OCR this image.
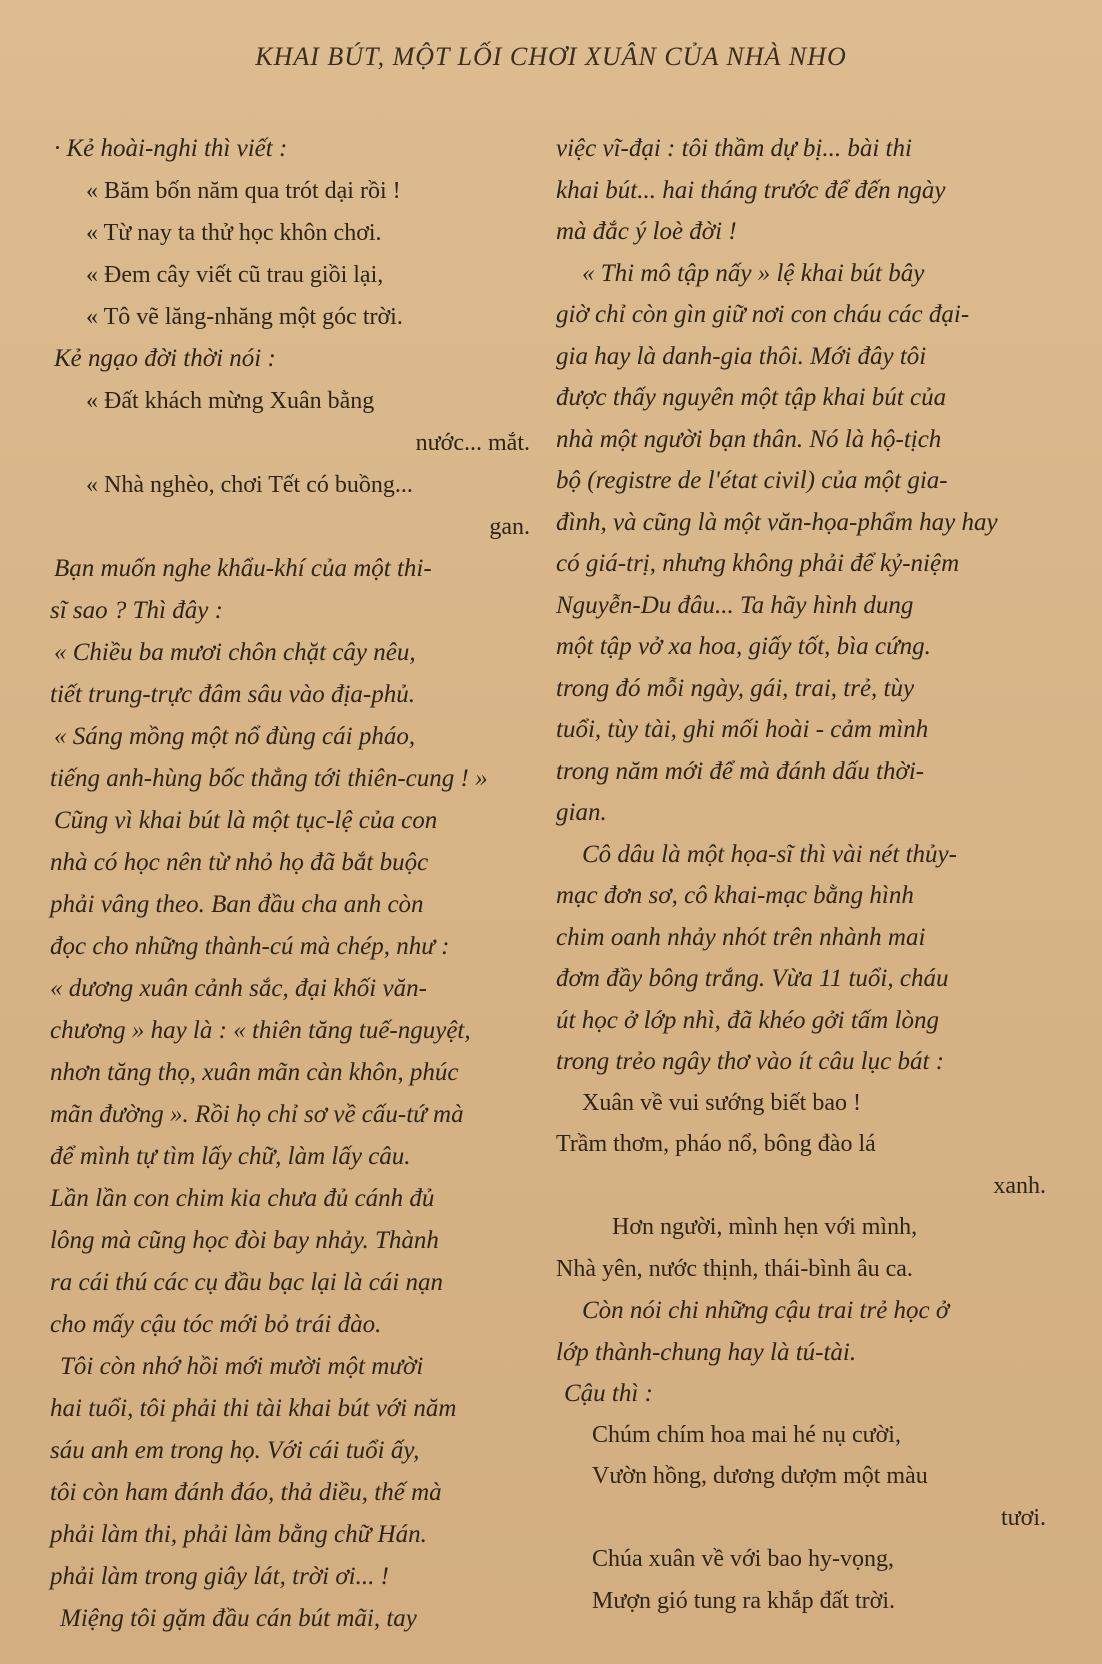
KHAI BÚT, MỘT LỐI CHƠI XUÂN CỦA NHÀ NHO
· Kẻ hoài-nghi thì viết :
« Băm bốn năm qua trót dại rồi !
« Từ nay ta thử học khôn chơi.
« Đem cây viết cũ trau giồi lại,
« Tô vẽ lăng-nhăng một góc trời.
Kẻ ngạo đời thời nói :
« Đất khách mừng Xuân bằng
nước... mắt.
« Nhà nghèo, chơi Tết có buồng...
gan.
Bạn muốn nghe khẩu-khí của một thi-
sĩ sao ? Thì đây :
« Chiều ba mươi chôn chặt cây nêu,
tiết trung-trực đâm sâu vào địa-phủ.
« Sáng mồng một nổ đùng cái pháo,
tiếng anh-hùng bốc thẳng tới thiên-cung ! »
Cũng vì khai bút là một tục-lệ của con
nhà có học nên từ nhỏ họ đã bắt buộc
phải vâng theo. Ban đầu cha anh còn
đọc cho những thành-cú mà chép, như :
« dương xuân cảnh sắc, đại khối văn-
chương » hay là : « thiên tăng tuế-nguyệt,
nhơn tăng thọ, xuân mãn càn khôn, phúc
mãn đường ». Rồi họ chỉ sơ về cấu-tứ mà
để mình tự tìm lấy chữ, làm lấy câu.
Lần lần con chim kia chưa đủ cánh đủ
lông mà cũng học đòi bay nhảy. Thành
ra cái thú các cụ đầu bạc lại là cái nạn
cho mấy cậu tóc mới bỏ trái đào.
Tôi còn nhớ hồi mới mười một mười
hai tuổi, tôi phải thi tài khai bút với năm
sáu anh em trong họ. Với cái tuổi ấy,
tôi còn ham đánh đáo, thả diều, thế mà
phải làm thi, phải làm bằng chữ Hán.
phải làm trong giây lát, trời ơi... !
Miệng tôi gặm đầu cán bút mãi, tay
việc vĩ-đại : tôi thầm dự bị... bài thi
khai bút... hai tháng trước để đến ngày
mà đắc ý loè đời !
« Thi mô tập nấy » lệ khai bút bây
giờ chỉ còn gìn giữ nơi con cháu các đại-
gia hay là danh-gia thôi. Mới đây tôi
được thấy nguyên một tập khai bút của
nhà một người bạn thân. Nó là hộ-tịch
bộ (registre de l'état civil) của một gia-
đình, và cũng là một văn-họa-phẩm hay hay
có giá-trị, nhưng không phải để kỷ-niệm
Nguyễn-Du đâu... Ta hãy hình dung
một tập vở xa hoa, giấy tốt, bìa cứng.
trong đó mỗi ngày, gái, trai, trẻ, tùy
tuổi, tùy tài, ghi mối hoài - cảm mình
trong năm mới để mà đánh dấu thời-
gian.
Cô dâu là một họa-sĩ thì vài nét thủy-
mạc đơn sơ, cô khai-mạc bằng hình
chim oanh nhảy nhót trên nhành mai
đơm đầy bông trắng. Vừa 11 tuổi, cháu
út học ở lớp nhì, đã khéo gởi tấm lòng
trong trẻo ngây thơ vào ít câu lục bát :
Xuân về vui sướng biết bao !
Trầm thơm, pháo nổ, bông đào lá
xanh.
Hơn người, mình hẹn với mình,
Nhà yên, nước thịnh, thái-bình âu ca.
Còn nói chi những cậu trai trẻ học ở
lớp thành-chung hay là tú-tài.
Cậu thì :
Chúm chím hoa mai hé nụ cười,
Vườn hồng, dương dượm một màu
tươi.
Chúa xuân về với bao hy-vọng,
Mượn gió tung ra khắp đất trời.
